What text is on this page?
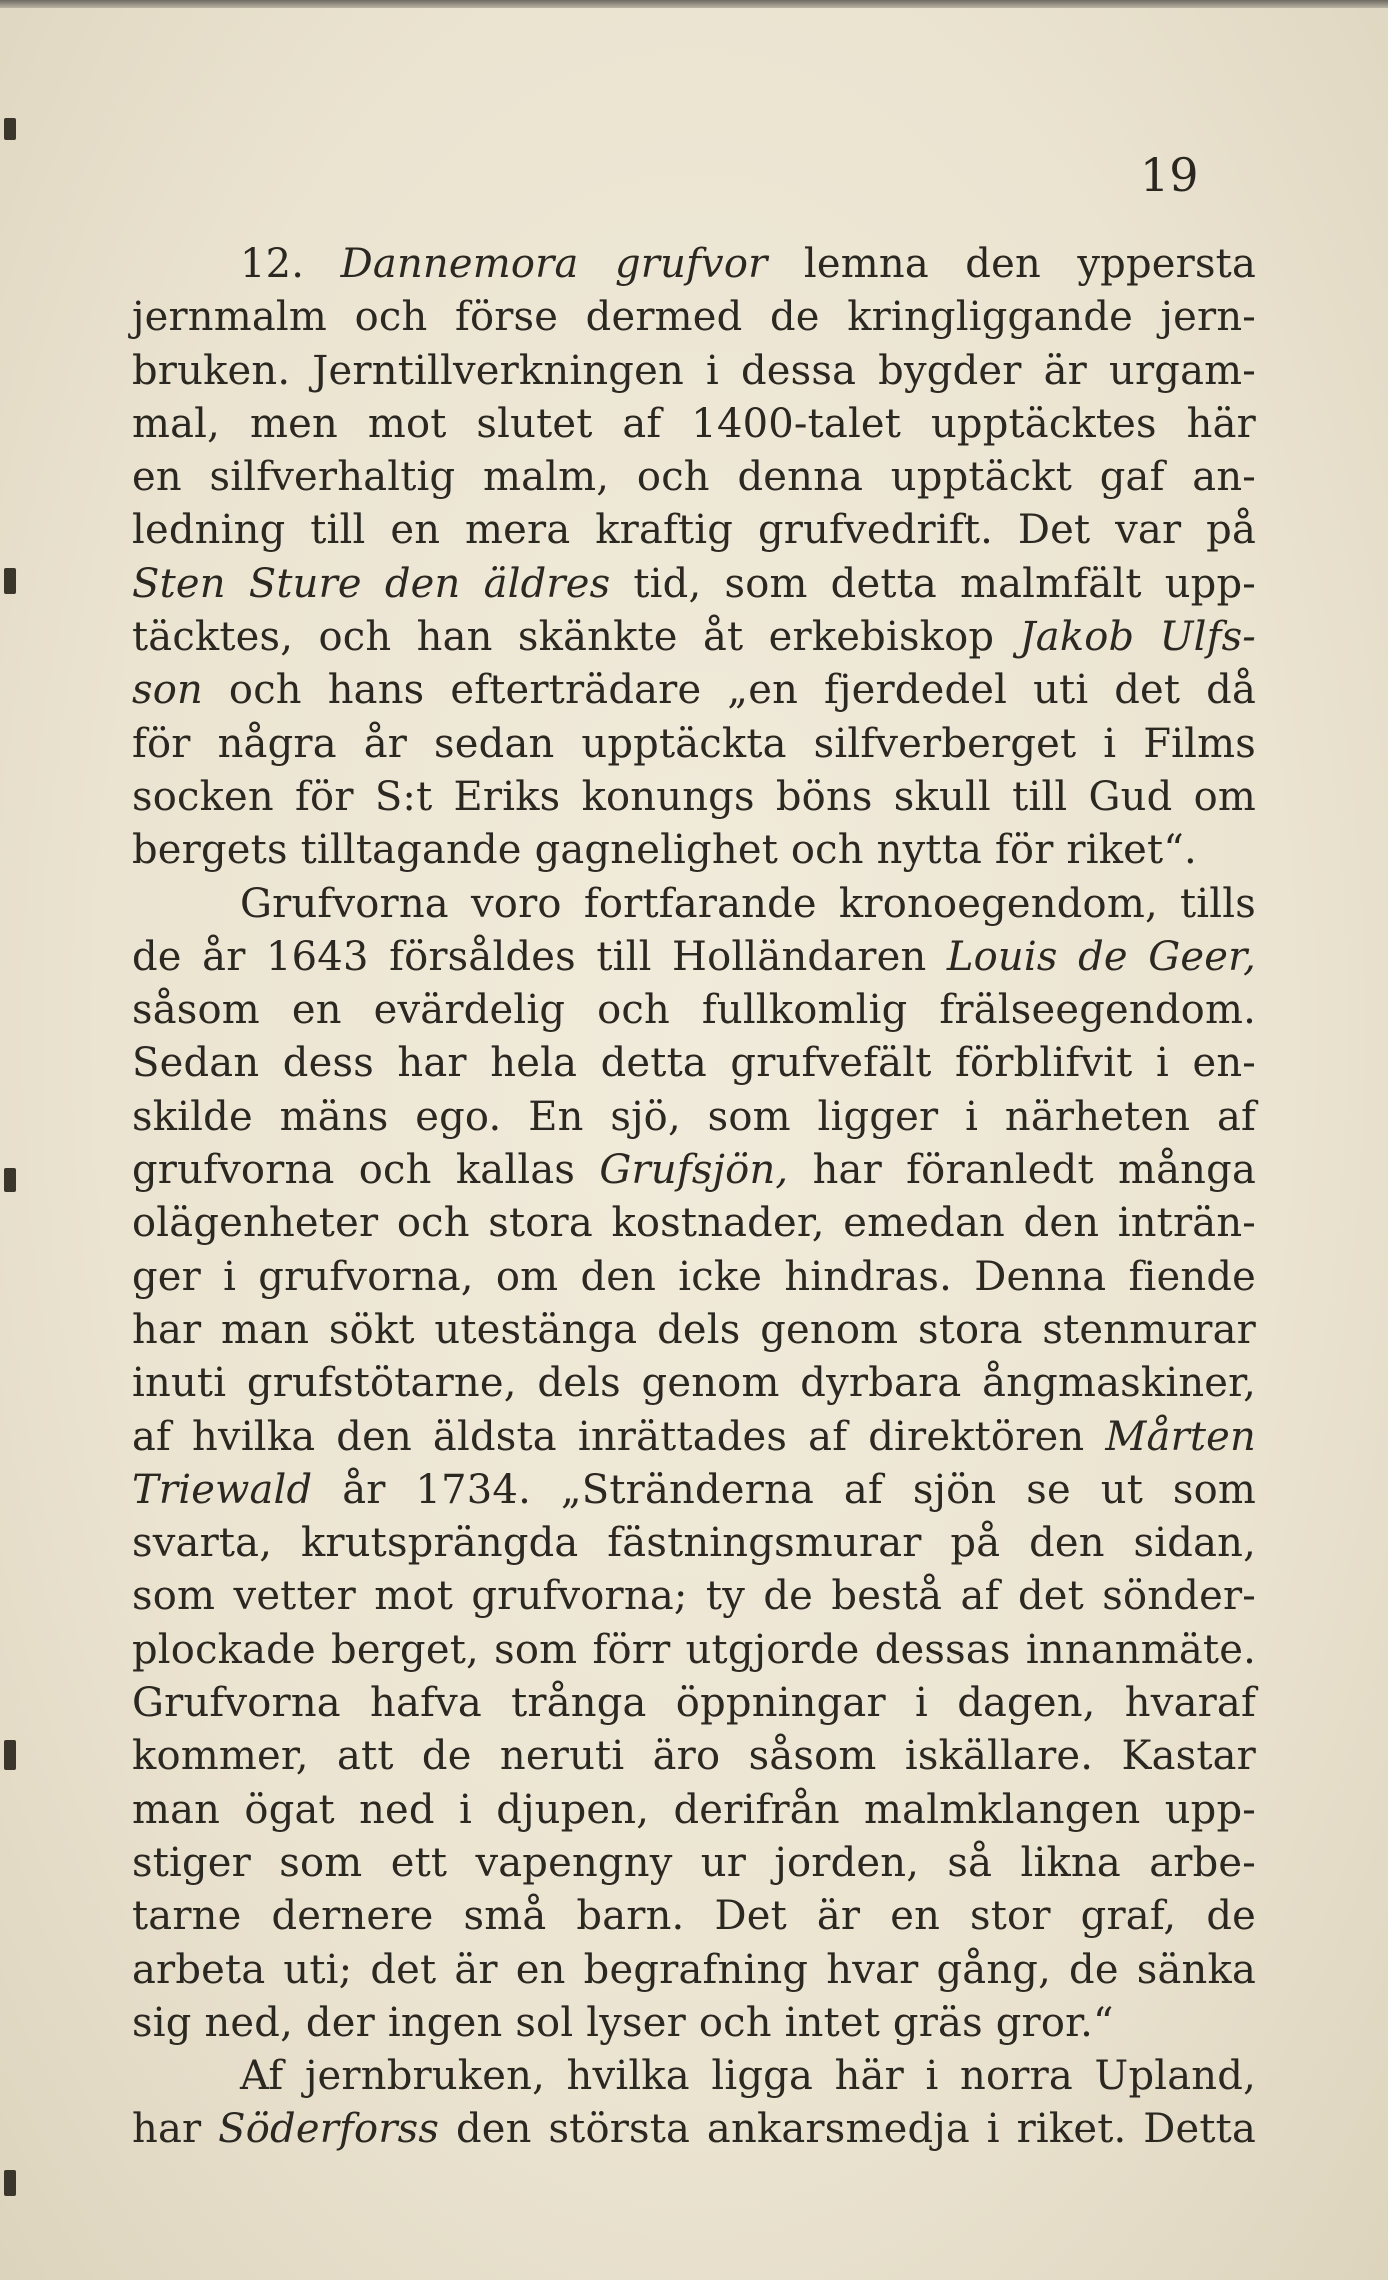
19
12. Dannemora grufvor lemna den yppersta
jernmalm och förse dermed de kringliggande jern-
bruken. Jerntillverkningen i dessa bygder är urgam-
mal, men mot slutet af 1400-talet upptäcktes här
en silfverhaltig malm, och denna upptäckt gaf an-
ledning till en mera kraftig grufvedrift. Det var på
Sten Sture den äldres tid, som detta malmfält upp-
täcktes, och han skänkte åt erkebiskop Jakob Ulfs-
son och hans efterträdare „en fjerdedel uti det då
för några år sedan upptäckta silfverberget i Films
socken för S:t Eriks konungs böns skull till Gud om
bergets tilltagande gagnelighet och nytta för riket“.
Grufvorna voro fortfarande kronoegendom, tills
de år 1643 försåldes till Holländaren Louis de Geer,
såsom en evärdelig och fullkomlig frälseegendom.
Sedan dess har hela detta grufvefält förblifvit i en-
skilde mäns ego. En sjö, som ligger i närheten af
grufvorna och kallas Grufsjön, har föranledt många
olägenheter och stora kostnader, emedan den inträn-
ger i grufvorna, om den icke hindras. Denna fiende
har man sökt utestänga dels genom stora stenmurar
inuti grufstötarne, dels genom dyrbara ångmaskiner,
af hvilka den äldsta inrättades af direktören Mårten
Triewald år 1734. „Stränderna af sjön se ut som
svarta, krutsprängda fästningsmurar på den sidan,
som vetter mot grufvorna; ty de bestå af det sönder-
plockade berget, som förr utgjorde dessas innanmäte.
Grufvorna hafva trånga öppningar i dagen, hvaraf
kommer, att de neruti äro såsom iskällare. Kastar
man ögat ned i djupen, derifrån malmklangen upp-
stiger som ett vapengny ur jorden, så likna arbe-
tarne dernere små barn. Det är en stor graf, de
arbeta uti; det är en begrafning hvar gång, de sänka
sig ned, der ingen sol lyser och intet gräs gror.“
Af jernbruken, hvilka ligga här i norra Upland,
har Söderforss den största ankarsmedja i riket. Detta
